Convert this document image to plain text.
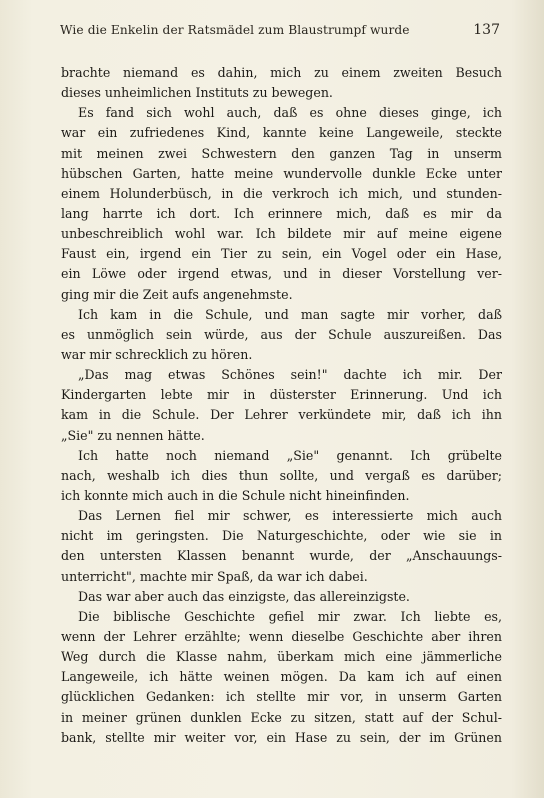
Wie die Enkelin der Ratsmädel zum Blaustrumpf wurde	137
brachte niemand es dahin, mich zu einem zweiten Besuch
dieses unheimlichen Instituts zu bewegen.
Es fand sich wohl auch, daß es ohne dieses ginge, ich
war ein zufriedenes Kind, kannte keine Langeweile, steckte
mit meinen zwei Schwestern den ganzen Tag in unserm
hübschen Garten, hatte meine wundervolle dunkle Ecke unter
einem Holunderbüsch, in die verkroch ich mich, und stunden-
lang harrte ich dort. Ich erinnere mich, daß es mir da
unbeschreiblich wohl war. Ich bildete mir auf meine eigene
Faust ein, irgend ein Tier zu sein, ein Vogel oder ein Hase,
ein Löwe oder irgend etwas, und in dieser Vorstellung ver-
ging mir die Zeit aufs angenehmste.
Ich kam in die Schule, und man sagte mir vorher, daß
es unmöglich sein würde, aus der Schule auszureißen. Das
war mir schrecklich zu hören.
„Das mag etwas Schönes sein!" dachte ich mir. Der
Kindergarten lebte mir in düsterster Erinnerung. Und ich
kam in die Schule. Der Lehrer verkündete mir, daß ich ihn
„Sie" zu nennen hätte.
Ich hatte noch niemand „Sie" genannt. Ich grübelte
nach, weshalb ich dies thun sollte, und vergaß es darüber;
ich konnte mich auch in die Schule nicht hineinfinden.
Das Lernen fiel mir schwer, es interessierte mich auch
nicht im geringsten. Die Naturgeschichte, oder wie sie in
den untersten Klassen benannt wurde, der „Anschauungs-
unterricht", machte mir Spaß, da war ich dabei.
Das war aber auch das einzigste, das allereinzigste.
Die biblische Geschichte gefiel mir zwar. Ich liebte es,
wenn der Lehrer erzählte; wenn dieselbe Geschichte aber ihren
Weg durch die Klasse nahm, überkam mich eine jämmerliche
Langeweile, ich hätte weinen mögen. Da kam ich auf einen
glücklichen Gedanken: ich stellte mir vor, in unserm Garten
in meiner grünen dunklen Ecke zu sitzen, statt auf der Schul-
bank, stellte mir weiter vor, ein Hase zu sein, der im Grünen
